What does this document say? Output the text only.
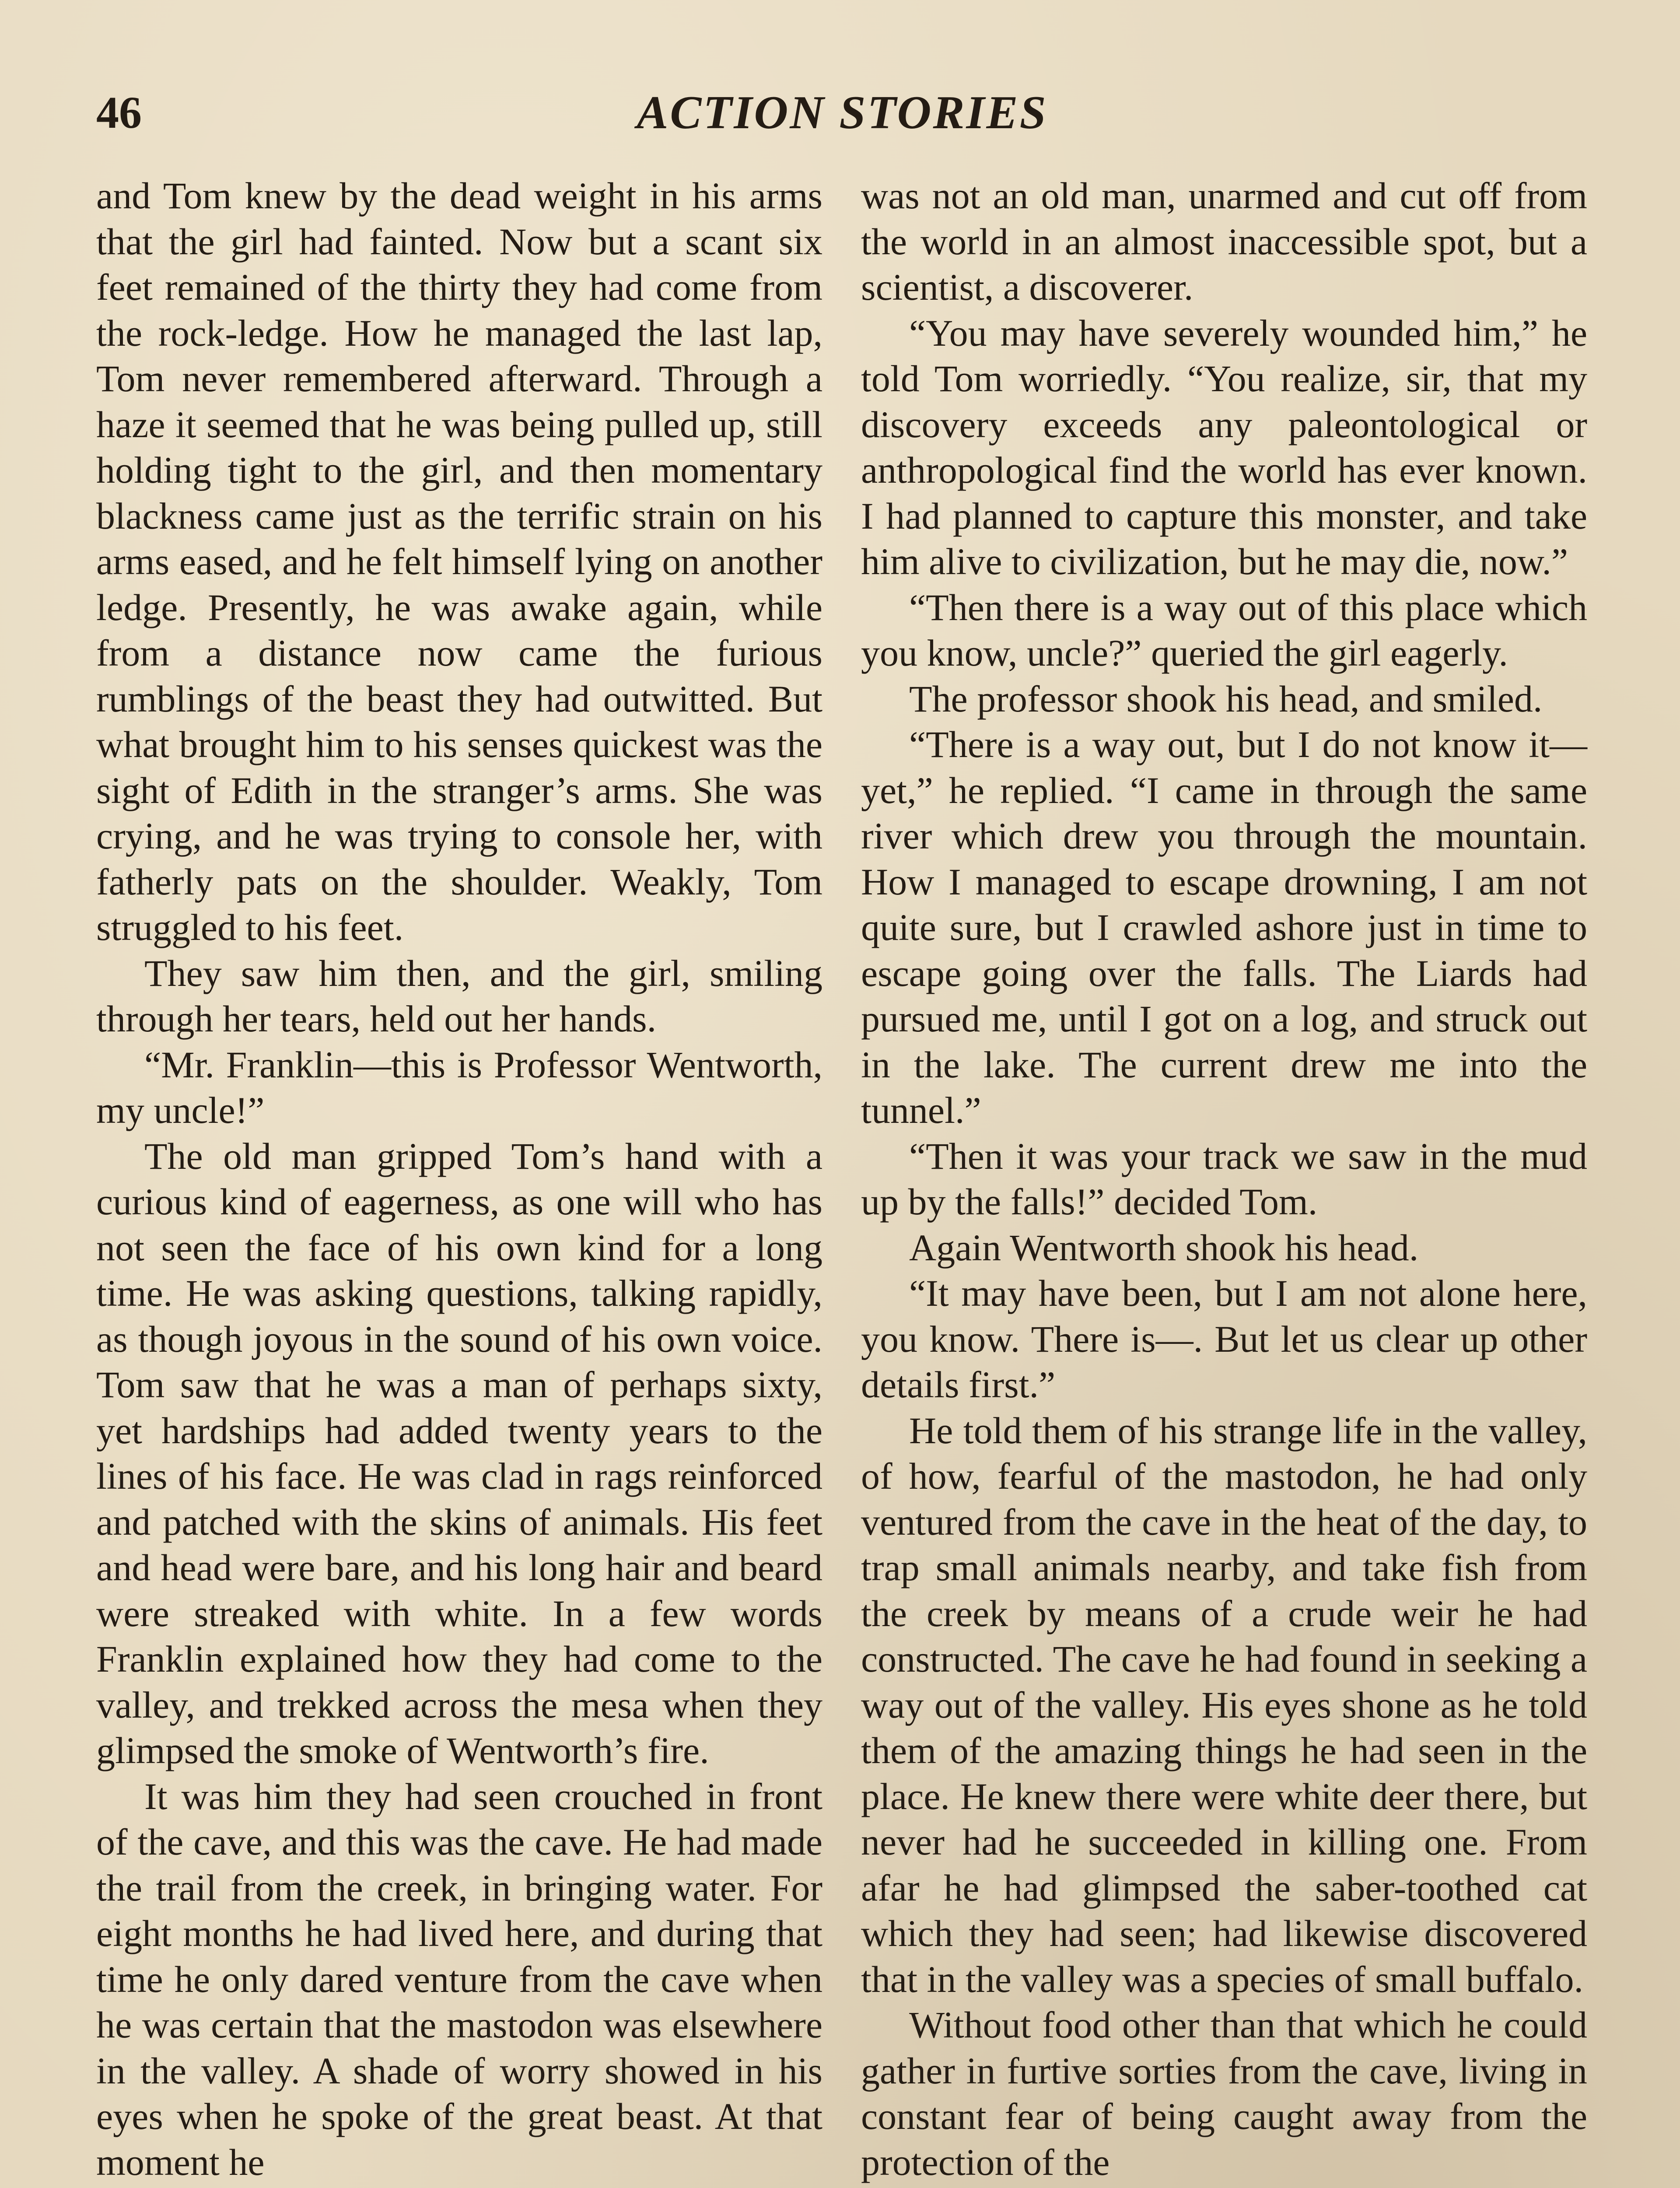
46	ACTION STORIES

and Tom knew by the dead weight in his arms that the girl had fainted. Now but a scant six feet remained of the thirty they had come from the rock-ledge. How he managed the last lap, Tom never remembered afterward. Through a haze it seemed that he was being pulled up, still holding tight to the girl, and then momentary blackness came just as the terrific strain on his arms eased, and he felt himself lying on another ledge. Presently, he was awake again, while from a distance now came the furious rumblings of the beast they had outwitted. But what brought him to his senses quickest was the sight of Edith in the stranger’s arms. She was crying, and he was trying to console her, with fatherly pats on the shoulder. Weakly, Tom struggled to his feet.

They saw him then, and the girl, smiling through her tears, held out her hands.

“Mr. Franklin—this is Professor Wentworth, my uncle!”

The old man gripped Tom’s hand with a curious kind of eagerness, as one will who has not seen the face of his own kind for a long time. He was asking questions, talking rapidly, as though joyous in the sound of his own voice. Tom saw that he was a man of perhaps sixty, yet hardships had added twenty years to the lines of his face. He was clad in rags reinforced and patched with the skins of animals. His feet and head were bare, and his long hair and beard were streaked with white. In a few words Franklin explained how they had come to the valley, and trekked across the mesa when they glimpsed the smoke of Wentworth’s fire.

It was him they had seen crouched in front of the cave, and this was the cave. He had made the trail from the creek, in bringing water. For eight months he had lived here, and during that time he only dared venture from the cave when he was certain that the mastodon was elsewhere in the valley. A shade of worry showed in his eyes when he spoke of the great beast. At that moment he

was not an old man, unarmed and cut off from the world in an almost inaccessible spot, but a scientist, a discoverer.

“You may have severely wounded him,” he told Tom worriedly. “You realize, sir, that my discovery exceeds any paleontological or anthropological find the world has ever known. I had planned to capture this monster, and take him alive to civilization, but he may die, now.”

“Then there is a way out of this place which you know, uncle?” queried the girl eagerly.

The professor shook his head, and smiled.

“There is a way out, but I do not know it—yet,” he replied. “I came in through the same river which drew you through the mountain. How I managed to escape drowning, I am not quite sure, but I crawled ashore just in time to escape going over the falls. The Liards had pursued me, until I got on a log, and struck out in the lake. The current drew me into the tunnel.”

“Then it was your track we saw in the mud up by the falls!” decided Tom.

Again Wentworth shook his head.

“It may have been, but I am not alone here, you know. There is—. But let us clear up other details first.”

He told them of his strange life in the valley, of how, fearful of the mastodon, he had only ventured from the cave in the heat of the day, to trap small animals nearby, and take fish from the creek by means of a crude weir he had constructed. The cave he had found in seeking a way out of the valley. His eyes shone as he told them of the amazing things he had seen in the place. He knew there were white deer there, but never had he succeeded in killing one. From afar he had glimpsed the saber-toothed cat which they had seen; had likewise discovered that in the valley was a species of small buffalo.

Without food other than that which he could gather in furtive sorties from the cave, living in constant fear of being caught away from the protection of the
